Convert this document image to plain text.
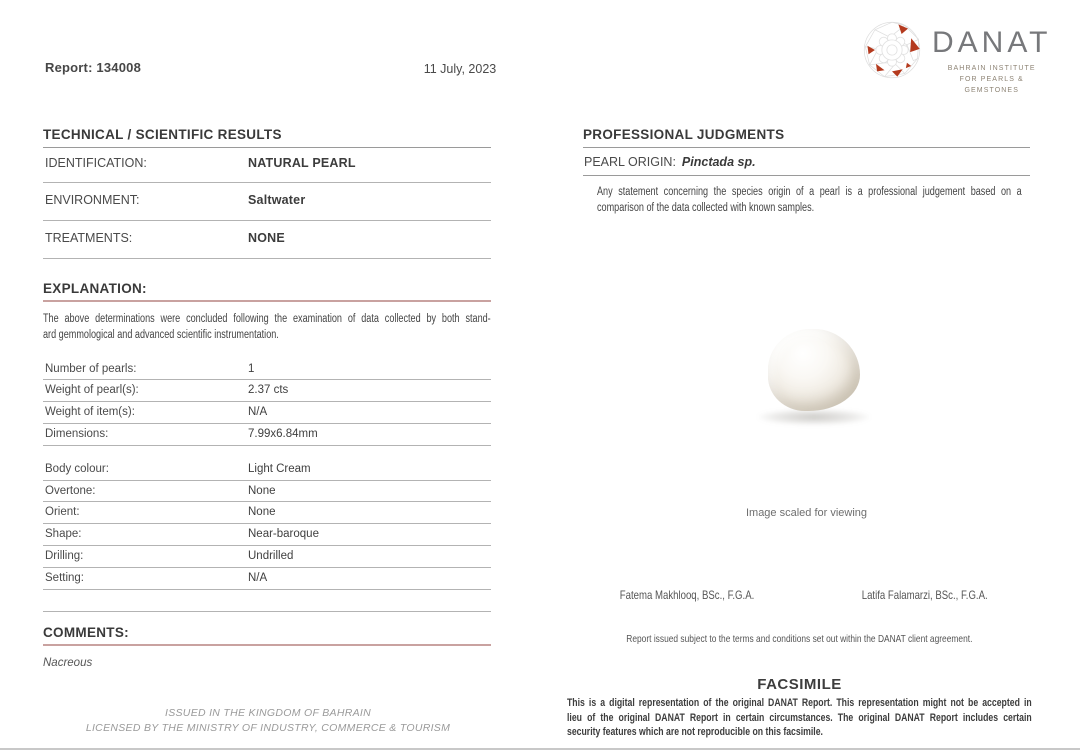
Report: 134008	11 July, 2023
DANAT
BAHRAIN INSTITUTE
FOR PEARLS & GEMSTONES
TECHNICAL / SCIENTIFIC RESULTS
IDENTIFICATION:	NATURAL PEARL
ENVIRONMENT:	Saltwater
TREATMENTS:	NONE
EXPLANATION:
The above determinations were concluded following the examination of data collected by both stand-
ard gemmological and advanced scientific instrumentation.
Number of pearls:	1
Weight of pearl(s):	2.37 cts
Weight of item(s):	N/A
Dimensions:	7.99x6.84mm
Body colour:	Light Cream
Overtone:	None
Orient:	None
Shape:	Near-baroque
Drilling:	Undrilled
Setting:	N/A
COMMENTS:
Nacreous
ISSUED IN THE KINGDOM OF BAHRAIN
LICENSED BY THE MINISTRY OF INDUSTRY, COMMERCE & TOURISM
PROFESSIONAL JUDGMENTS
PEARL ORIGIN: Pinctada sp.
Any statement concerning the species origin of a pearl is a professional judgement based on a
comparison of the data collected with known samples.
Image scaled for viewing
Fatema Makhlooq, BSc., F.G.A.	Latifa Falamarzi, BSc., F.G.A.
Report issued subject to the terms and conditions set out within the DANAT client agreement.
FACSIMILE
This is a digital representation of the original DANAT Report. This representation might not be accepted in
lieu of the original DANAT Report in certain circumstances. The original DANAT Report includes certain
security features which are not reproducible on this facsimile.
